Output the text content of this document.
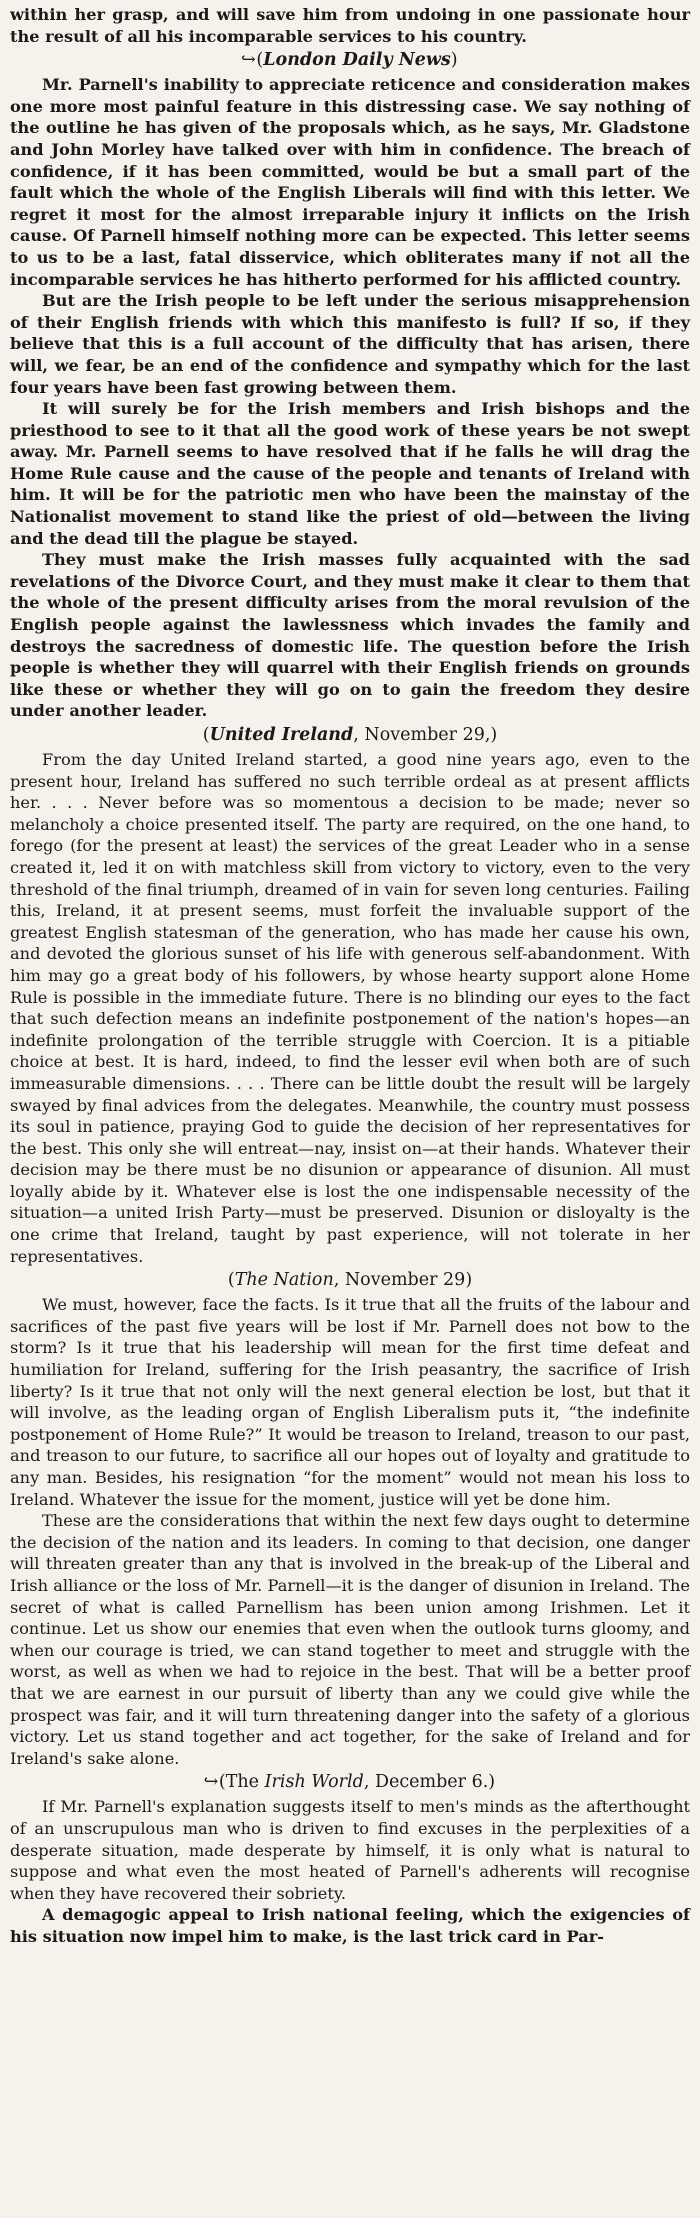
within her grasp, and will save him from undoing in one passionate hour the result of all his incomparable services to his country.

↪(London Daily News)

Mr. Parnell's inability to appreciate reticence and consideration makes one more most painful feature in this distressing case. We say nothing of the outline he has given of the proposals which, as he says, Mr. Gladstone and John Morley have talked over with him in confidence. The breach of confidence, if it has been committed, would be but a small part of the fault which the whole of the English Liberals will find with this letter. We regret it most for the almost irreparable injury it inflicts on the Irish cause. Of Parnell himself nothing more can be expected. This letter seems to us to be a last, fatal disservice, which obliterates many if not all the incomparable services he has hitherto performed for his afflicted country.

But are the Irish people to be left under the serious misapprehension of their English friends with which this manifesto is full? If so, if they believe that this is a full account of the difficulty that has arisen, there will, we fear, be an end of the confidence and sympathy which for the last four years have been fast growing between them.

It will surely be for the Irish members and Irish bishops and the priesthood to see to it that all the good work of these years be not swept away. Mr. Parnell seems to have resolved that if he falls he will drag the Home Rule cause and the cause of the people and tenants of Ireland with him. It will be for the patriotic men who have been the mainstay of the Nationalist movement to stand like the priest of old—between the living and the dead till the plague be stayed.

They must make the Irish masses fully acquainted with the sad revelations of the Divorce Court, and they must make it clear to them that the whole of the present difficulty arises from the moral revulsion of the English people against the lawlessness which invades the family and destroys the sacredness of domestic life. The question before the Irish people is whether they will quarrel with their English friends on grounds like these or whether they will go on to gain the freedom they desire under another leader.

(United Ireland, November 29,)

From the day United Ireland started, a good nine years ago, even to the present hour, Ireland has suffered no such terrible ordeal as at present afflicts her. . . . Never before was so momentous a decision to be made; never so melancholy a choice presented itself. The party are required, on the one hand, to forego (for the present at least) the services of the great Leader who in a sense created it, led it on with matchless skill from victory to victory, even to the very threshold of the final triumph, dreamed of in vain for seven long centuries. Failing this, Ireland, it at present seems, must forfeit the invaluable support of the greatest English statesman of the generation, who has made her cause his own, and devoted the glorious sunset of his life with generous self-abandonment. With him may go a great body of his followers, by whose hearty support alone Home Rule is possible in the immediate future. There is no blinding our eyes to the fact that such defection means an indefinite postponement of the nation's hopes—an indefinite prolongation of the terrible struggle with Coercion. It is a pitiable choice at best. It is hard, indeed, to find the lesser evil when both are of such immeasurable dimensions. . . . There can be little doubt the result will be largely swayed by final advices from the delegates. Meanwhile, the country must possess its soul in patience, praying God to guide the decision of her representatives for the best. This only she will entreat—nay, insist on—at their hands. Whatever their decision may be there must be no disunion or appearance of disunion. All must loyally abide by it. Whatever else is lost the one indispensable necessity of the situation—a united Irish Party—must be preserved. Disunion or disloyalty is the one crime that Ireland, taught by past experience, will not tolerate in her representatives.

(The Nation, November 29)

We must, however, face the facts. Is it true that all the fruits of the labour and sacrifices of the past five years will be lost if Mr. Parnell does not bow to the storm? Is it true that his leadership will mean for the first time defeat and humiliation for Ireland, suffering for the Irish peasantry, the sacrifice of Irish liberty? Is it true that not only will the next general election be lost, but that it will involve, as the leading organ of English Liberalism puts it, “the indefinite postponement of Home Rule?” It would be treason to Ireland, treason to our past, and treason to our future, to sacrifice all our hopes out of loyalty and gratitude to any man. Besides, his resignation “for the moment” would not mean his loss to Ireland. Whatever the issue for the moment, justice will yet be done him.

These are the considerations that within the next few days ought to determine the decision of the nation and its leaders. In coming to that decision, one danger will threaten greater than any that is involved in the break-up of the Liberal and Irish alliance or the loss of Mr. Parnell—it is the danger of disunion in Ireland. The secret of what is called Parnellism has been union among Irishmen. Let it continue. Let us show our enemies that even when the outlook turns gloomy, and when our courage is tried, we can stand together to meet and struggle with the worst, as well as when we had to rejoice in the best. That will be a better proof that we are earnest in our pursuit of liberty than any we could give while the prospect was fair, and it will turn threatening danger into the safety of a glorious victory. Let us stand together and act together, for the sake of Ireland and for Ireland's sake alone.

↪(The Irish World, December 6.)

If Mr. Parnell's explanation suggests itself to men's minds as the afterthought of an unscrupulous man who is driven to find excuses in the perplexities of a desperate situation, made desperate by himself, it is only what is natural to suppose and what even the most heated of Parnell's adherents will recognise when they have recovered their sobriety.

A demagogic appeal to Irish national feeling, which the exigencies of his situation now impel him to make, is the last trick card in Par-
